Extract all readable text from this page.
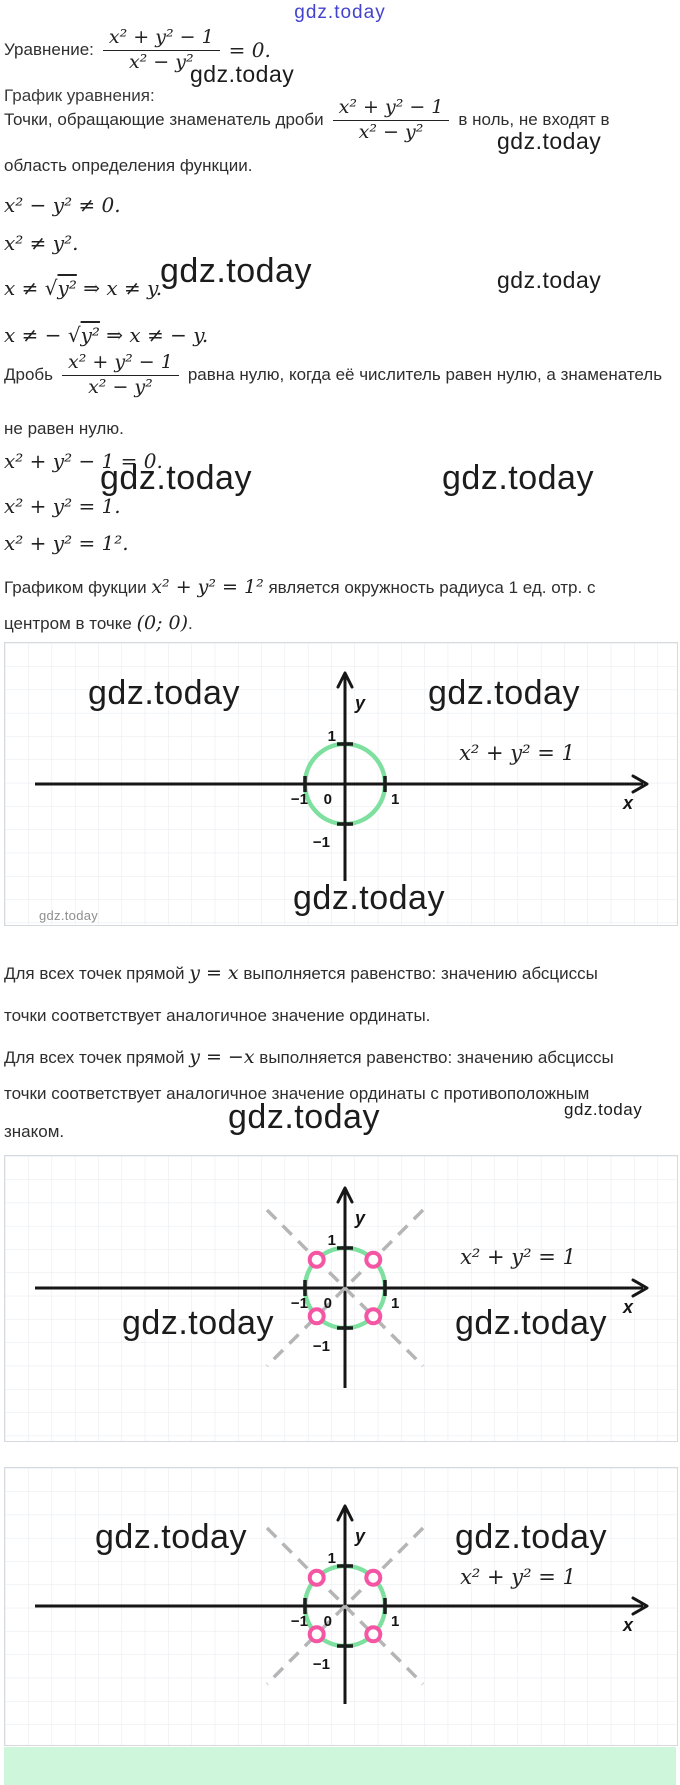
gdz.today
Уравнение: $\frac{\text{x² + y² − 1}}{\text{x² − y²}} = 0$.
gdz.today
График уравнения:
Точки, обращающие знаменатель дроби $\frac{\text{x² + y² − 1}}{\text{x² − y²}}$ в ноль, не входят в
gdz.today
область определения функции.
x² − y² ≠ 0.
x² ≠ y².
gdz.today	gdz.today
x ≠ √y² ⇒ x ≠ y.
x ≠ − √y² ⇒ x ≠ − y.
Дробь $\frac{\text{x² + y² − 1}}{\text{x² − y²}}$ равна нулю, когда её числитель равен нулю, а знаменатель
не равен нулю.
x² + y² − 1 = 0.
gdz.today	gdz.today
x² + y² = 1.
x² + y² = 1².
Графиком фукции x² + y² = 1² является окружность радиуса 1 ед. отр. с
центром в точке (0; 0).
1
−1 0	1
−1
y
x
x² + y² = 1
gdz.today	gdz.today
gdz.today
gdz.today
Для всех точек прямой y = x выполняется равенство: значению абсциссы
точки соответствует аналогичное значение ординаты.
Для всех точек прямой y = −x выполняется равенство: значению абсциссы
точки соответствует аналогичное значение ординаты с противоположным
gdz.today	gdz.today
знаком.
1
−1 0	1
−1
y
x
x² + y² = 1
gdz.today	gdz.today
1
−1 0	1
−1
y
x
x² + y² = 1
gdz.today	gdz.today
